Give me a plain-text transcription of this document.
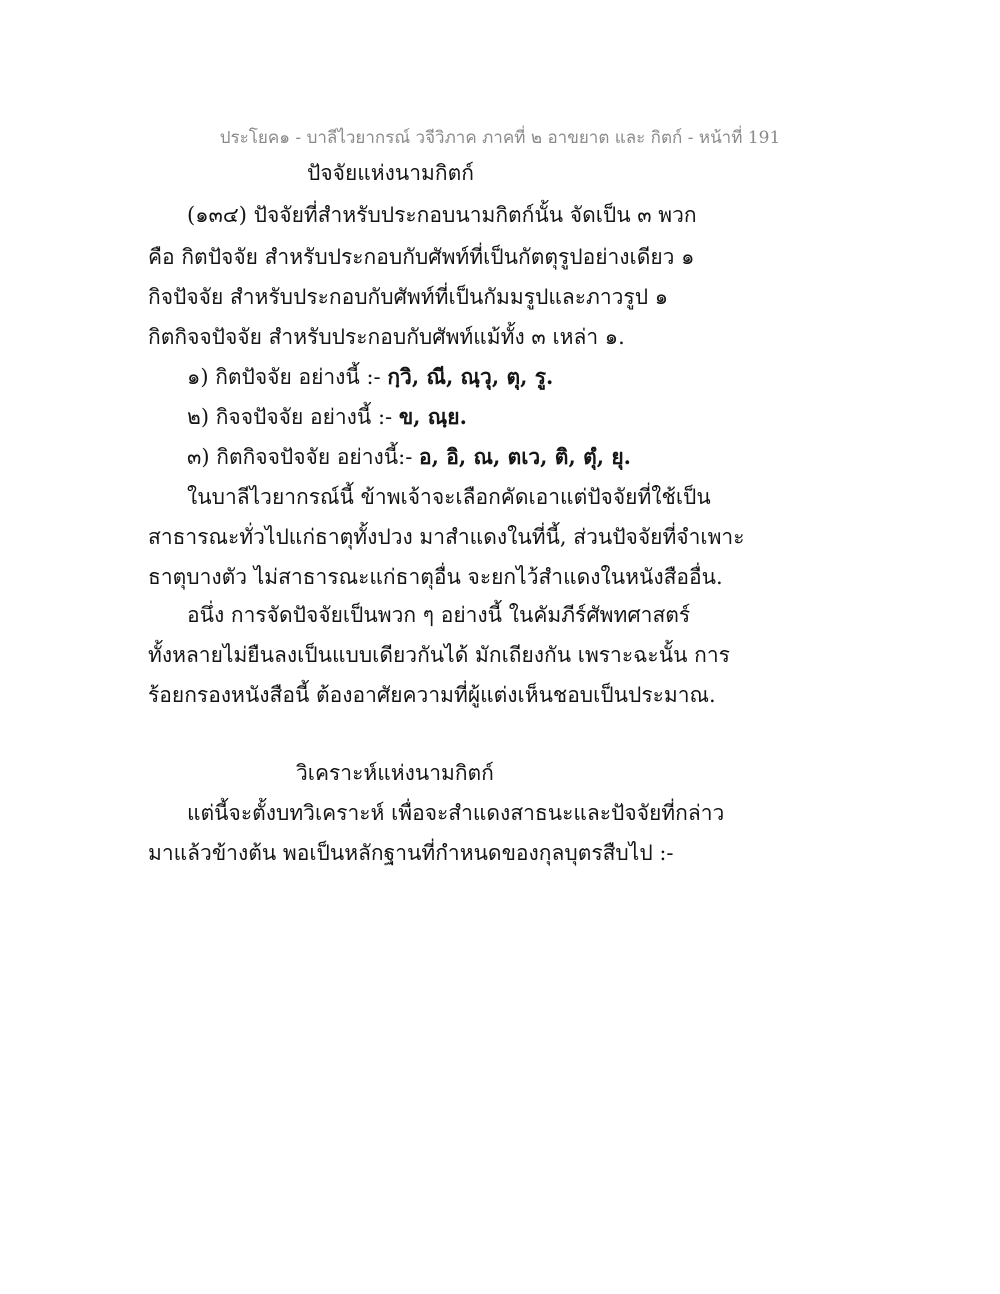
ประโยค๑ - บาลีไวยากรณ์ วจีวิภาค ภาคที่ ๒ อาขยาต และ กิตก์ - หน้าที่ 191
ปัจจัยแห่งนามกิตก์
(๑๓๔) ปัจจัยที่สำหรับประกอบนามกิตก์นั้น จัดเป็น ๓ พวก
คือ กิตปัจจัย สำหรับประกอบกับศัพท์ที่เป็นกัตตุรูปอย่างเดียว ๑
กิจปัจจัย สำหรับประกอบกับศัพท์ที่เป็นกัมมรูปและภาวรูป ๑
กิตกิจจปัจจัย สำหรับประกอบกับศัพท์แม้ทั้ง ๓ เหล่า ๑.
๑) กิตปัจจัย อย่างนี้ :- กฺวิ, ณี, ณฺวุ, ตุ, รู.
๒) กิจจปัจจัย อย่างนี้ :- ข, ณฺย.
๓) กิตกิจจปัจจัย อย่างนี้:- อ, อิ, ณ, ตเว, ติ, ตุํ, ยุ.
ในบาลีไวยากรณ์นี้ ข้าพเจ้าจะเลือกคัดเอาแต่ปัจจัยที่ใช้เป็น
สาธารณะทั่วไปแก่ธาตุทั้งปวง มาสำแดงในที่นี้, ส่วนปัจจัยที่จำเพาะ
ธาตุบางตัว ไม่สาธารณะแก่ธาตุอื่น จะยกไว้สำแดงในหนังสืออื่น.
อนึ่ง การจัดปัจจัยเป็นพวก ๆ อย่างนี้ ในคัมภีร์ศัพทศาสตร์
ทั้งหลายไม่ยืนลงเป็นแบบเดียวกันได้ มักเถียงกัน เพราะฉะนั้น การ
ร้อยกรองหนังสือนี้ ต้องอาศัยความที่ผู้แต่งเห็นชอบเป็นประมาณ.
วิเคราะห์แห่งนามกิตก์
แต่นี้จะตั้งบทวิเคราะห์ เพื่อจะสำแดงสาธนะและปัจจัยที่กล่าว
มาแล้วข้างต้น พอเป็นหลักฐานที่กำหนดของกุลบุตรสืบไป :-
